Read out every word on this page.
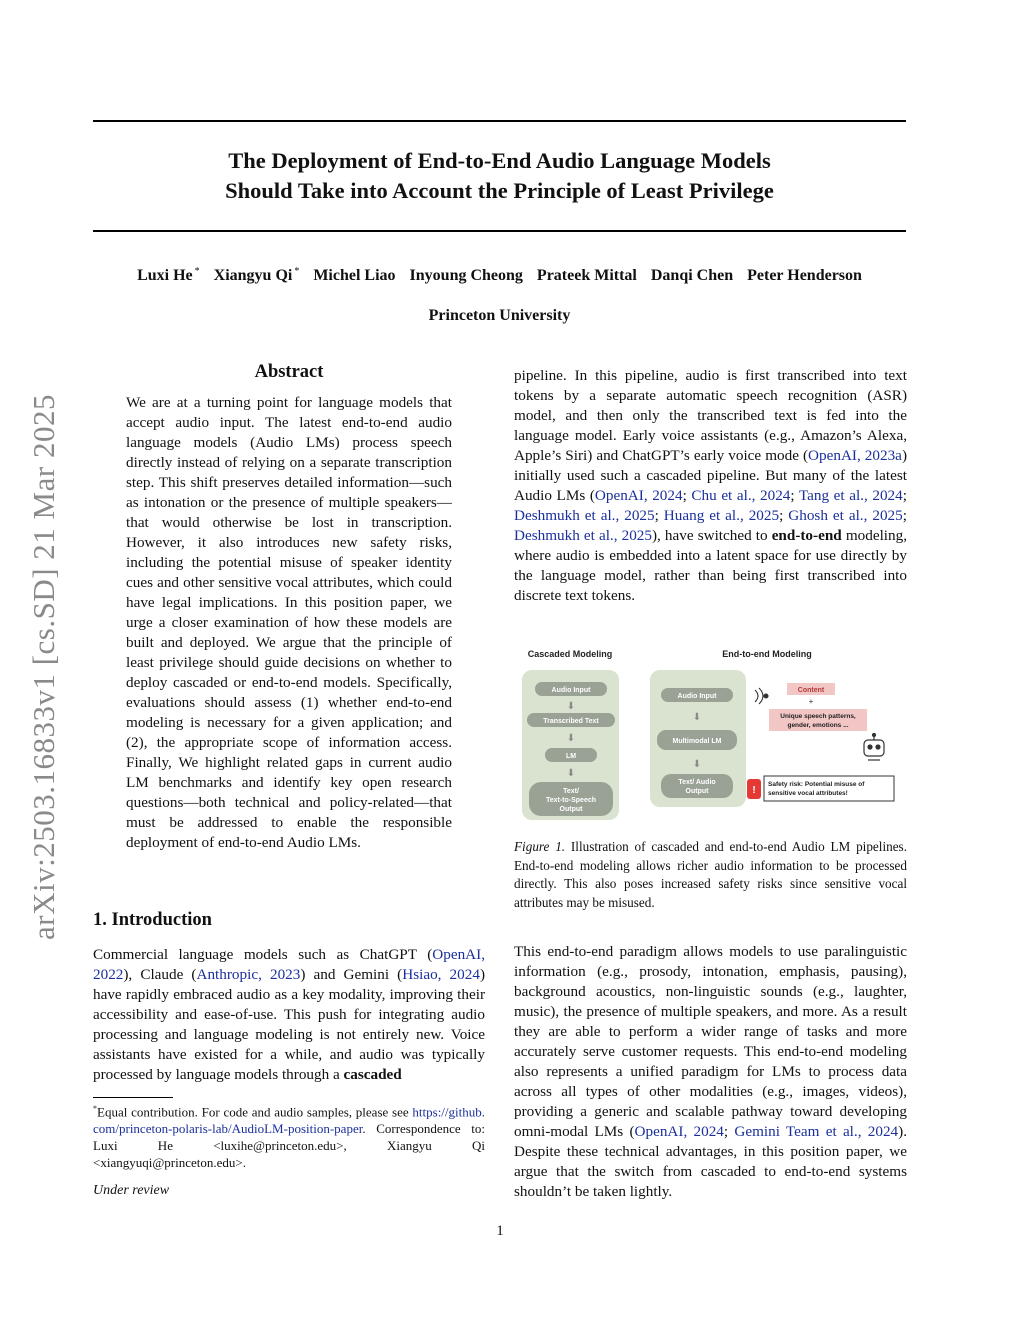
The Deployment of End-to-End Audio Language Models
Should Take into Account the Principle of Least Privilege
Luxi He * Xiangyu Qi * Michel Liao Inyoung Cheong Prateek Mittal Danqi Chen Peter Henderson
Princeton University
arXiv:2503.16833v1 [cs.SD] 21 Mar 2025
Abstract
We are at a turning point for language models that accept audio input. The latest end-to-end audio language models (Audio LMs) process speech directly instead of relying on a separate transcription step. This shift preserves detailed information—such as intonation or the presence of multiple speakers—that would otherwise be lost in transcription. However, it also introduces new safety risks, including the potential misuse of speaker identity cues and other sensitive vocal attributes, which could have legal implications. In this position paper, we urge a closer examination of how these models are built and deployed. We argue that the principle of least privilege should guide decisions on whether to deploy cascaded or end-to-end models. Specifically, evaluations should assess (1) whether end-to-end modeling is necessary for a given application; and (2), the appropriate scope of information access. Finally, We highlight related gaps in current audio LM benchmarks and identify key open research questions—both technical and policy-related—that must be addressed to enable the responsible deployment of end-to-end Audio LMs.
1. Introduction
Commercial language models such as ChatGPT (OpenAI, 2022), Claude (Anthropic, 2023) and Gemini (Hsiao, 2024) have rapidly embraced audio as a key modality, improving their accessibility and ease-of-use. This push for integrating audio processing and language modeling is not entirely new. Voice assistants have existed for a while, and audio was typically processed by language models through a cascaded
*Equal contribution. For code and audio samples, please see https://github.com/princeton-polaris-lab/AudioLM-position-paper. Correspondence to: Luxi He <luxihe@princeton.edu>, Xiangyu Qi <xiangyuqi@princeton.edu>.
Under review
pipeline. In this pipeline, audio is first transcribed into text tokens by a separate automatic speech recognition (ASR) model, and then only the transcribed text is fed into the language model. Early voice assistants (e.g., Amazon’s Alexa, Apple’s Siri) and ChatGPT’s early voice mode (OpenAI, 2023a) initially used such a cascaded pipeline. But many of the latest Audio LMs (OpenAI, 2024; Chu et al., 2024; Tang et al., 2024; Deshmukh et al., 2025; Huang et al., 2025; Ghosh et al., 2025; Deshmukh et al., 2025), have switched to end-to-end modeling, where audio is embedded into a latent space for use directly by the language model, rather than being first transcribed into discrete text tokens.
Cascaded Modeling	End-to-end Modeling
Audio Input
⬇
Transcribed Text
⬇
LM
⬇
Text/
Text-to-Speech
Output
Audio Input
⬇
Multimodal LM
⬇
Text/ Audio
Output
Content
+
Unique speech patterns,
gender, emotions ...
!
Safety risk: Potential misuse of
sensitive vocal attributes!
Figure 1. Illustration of cascaded and end-to-end Audio LM pipelines. End-to-end modeling allows richer audio information to be processed directly. This also poses increased safety risks since sensitive vocal attributes may be misused.
This end-to-end paradigm allows models to use paralinguistic information (e.g., prosody, intonation, emphasis, pausing), background acoustics, non-linguistic sounds (e.g., laughter, music), the presence of multiple speakers, and more. As a result they are able to perform a wider range of tasks and more accurately serve customer requests. This end-to-end modeling also represents a unified paradigm for LMs to process data across all types of other modalities (e.g., images, videos), providing a generic and scalable pathway toward developing omni-modal LMs (OpenAI, 2024; Gemini Team et al., 2024). Despite these technical advantages, in this position paper, we argue that the switch from cascaded to end-to-end systems shouldn’t be taken lightly.
1
